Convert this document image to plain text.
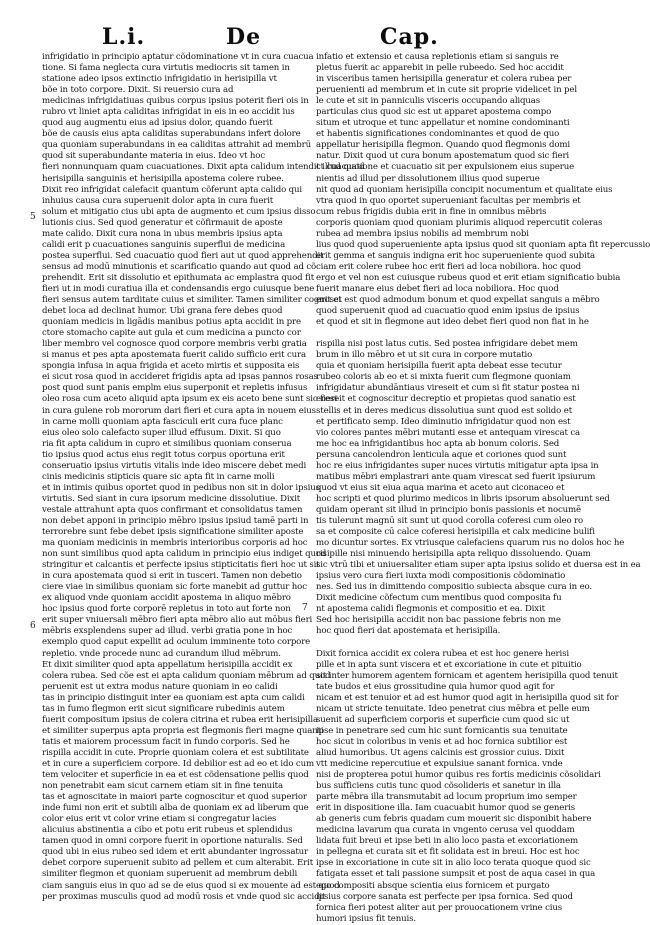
L.i.	De	Cap.
5
6
7
infrigidatio in principio aptatur cõdominatione vt in cura cuacua
tione. Si fama neglecta cura virtutis mediocris sit tamen in
statione adeo ipsos extinctio infrigidatio in herisipilla vt
bõe in toto corpore. Dixit. Si reuersio cura ad
medicinas infrigidatiuas quibus corpus ipsius poterit fieri ois in
rubro vt liniet apta caliditas infrigidat in eis in eo accidit ius
quod aug augmentu eius ad ipsius dolor, quando fuerit
bõe de causis eius apta caliditas superabundans infert dolore
qua quoniam superabundans in ea caliditas attrahit ad membrū
quod sit superabundante materia in eius. Ideo vt hoc
fieri nonnunquam quam cuacuationes. Dixit apta calidum intendit illud quod
herisipilla sanguinis et herisipilla apostema colere rubee.
Dixit reo infrigidat calefacit quantum cõferunt apta calido qui
inhuius causa cura superuenit dolor apta in cura fuerit
solum et mitigatio cius ubi apta de augmento et cum ipsius disso
lutionis cius. Sed quod generatur et cõfirmauit de aposte
mate calido. Dixit cura nona in ubus membris ipsius apta
calidi erit p cuacuationes sanguinis superflui de medicina
postea superflui. Sed cuacuatio quod fieri aut ut quod apprehendit
sensus ad modū minutionis et scarificatio quando aut quod ad cõ
prehendit. Erit sit dissolutio et epithumata ac emplastra quod fit
fieri ut in modi curatiua illa et condensandis ergo cuiusque bene
fieri sensus autem tarditate cuius et similiter. Tamen similiter cognosci
debet loca ad declinat humor. Ubi grana fere debes quod
quoniam medicis in ligādis manibus potius apta accidit in pre
ctore stomacho capite aut gula et cum medicina a puncto cor
liber membro vel cognosce quod corpore membris verbi gratia
si manus et pes apta apostemata fuerit calido sufficio erit cura
spongia infusa in aqua frigida et aceto mirtis et supposita eis
ei sicut rosa quod in accideret frigidis apta ad ipsas pannos rosas
post quod sunt panis emplm eius superponit et repletis infusus
oleo rosa cum aceto aliquid apta ipsum ex eis aceto bene sunt sic fieri
in cura gulene rob mororum dari fieri et cura apta in nouem eius
in carne molli quoniam apta fasciculi erit cura fuce planc
eius oleo solo calefacto super illud effusum. Dixit. Si quo
ria fit apta calidum in cupro et similibus quoniam conserua
tio ipsius quod actus eius regit totus corpus oportuna erit
conseruatio ipsius virtutis vitalis inde ideo miscere debet medi
cinis medicinis stipticis quare sic apta fit in carne molli
et in intimis quibus oportet quod in pedibus non sit in dolor ipsius
virtutis. Sed siant in cura ipsorum medicine dissolutiue. Dixit
vestale attrahunt apta quos confirmant et consolidatus tamen
non debet apponi in principio mēbro ipsius ipsiud tamē parti in
terrorebre sunt febe debet ipsis significatione similiter aposte
ma quoniam medicinis in membris interioribus corporis ad hoc
non sunt similibus quod apta calidum in principio eius indiget quod
stringitur et calcantis et perfecte ipsius stipticitatis fieri hoc ut sit
in cura apostemata quod si erit in tusceri. Tamen non debetio
ciere viae in similibus quoniam sic forte manebit ad guttur hoc
ex aliquod vnde quoniam accidit apostema in aliquo mēbro
hoc ipsius quod forte corporē repletus in toto aut forte non
erit super vniuersali mēbro fieri apta mēbro alio aut mōbus fieri
mēbris exsplendens super ad illud. verbi gratia pone in hoc
exemplo quod caput expellit ad oculum imminente toto corpore
repletio. vnde procede nunc ad curandum illud mēbrum.
Et dixit similiter quod apta appellatum herisipilla accidit ex
colera rubea. Sed cõe est ei apta calidum quoniam mēbrum ad quod
peruenit est ut extra modus nature quoniam in eo calidi
tas in principio distinguit inter ea quoniam est apta cum calidi
tas in fumo flegmon erit sicut significare rubedinis autem
fuerit compositum ipsius de colera citrina et rubea erit herisipilla
et similiter superpus apta propria est flegmonis fieri magne quanti
tatis et maiorem processum facit in fundo corporis. Sed he
rispilla accidit in cute. Proprie quoniam colera et est subtilitate
et in cure a superficiem corpore. Id debilior est ad eo et ido cum
tem velociter et superficie in ea et est cõdensatione pellis quod
non penetrabit eam sicut carnem etiam sit in fine tenuita
tas et agnoscitate in maiori parte cognoscitur et quod superior
inde fumi non erit et subtili alba de quoniam ex ad liberum que
color eius erit vt color vrine etiam si congregatur lacies
alicuius abstinentia a cibo et potu erit rubeus et splendidus
tamen quod in omni corpore fuerit in oportione naturalis. Sed
quod ubi in eius rubeo sed idem et erit abundanter ingrossatur
debet corpore superuenit subito ad pellem et cum alterabit. Erit
similiter flegmon et quoniam superuenit ad membrum debili
ciam sanguis eius in quo ad se de eius quod si ex mouente ad est quod
per proximas musculis quod ad modū rosis et vnde quod sic accidit
infatio et extensio et causa repletionis etiam si sanguis re
pletus fuerit ac apparebit in pelle rubeedo. Sed hoc accidit
in visceribus tamen herisipilla generatur et colera rubea per
peruenienti ad membrum et in cute sit proprie videlicet in pel
le cute et sit in panniculis visceris occupando aliquas
particulas cius quod sic est ut apparet apostema compo
situm et utroque et tunc appellatur et nomine condominanti
et habentis significationes condominantes et quod de quo
appellatur herisipilla flegmon. Quando quod flegmonis domi
natur. Dixit quod ut cura bonum apostematum quod sic fieri
ct cuacuatione et cuacuatio sit per expulsionem eius superue
nientis ad illud per dissolutionem illius quod superue
nit quod ad quoniam herisipilla concipit nocumentum et qualitate eius
vtra quod in quo oportet superueniant facultas per membris et
cum rebus frigidis dubia erit in fine in omnibus mēbris
corporis quoniam quod quoniam plurimis aliquod repercutit coleras
rubea ad membra ipsius nobilis ad membrum nobi
lius quod quod superueniente apta ipsius quod sit quoniam apta fit repercussio
erit gemma et sanguis indigna erit hoc superueniente quod subita
ciam erit colere rubee hoc erit fieri ad loca nobiliora. hoc quod
ergo et vel non est cuiusque rubeus quod et erit etiam significatio bubia
fuerit manare eius debet fieri ad loca nobiliora. Hoc quod
erit et est quod admodum bonum et quod expellat sanguis a mēbro
quod superuenit quod ad cuacuatio quod enim ipsius de ipsius
et quod et sit in flegmone aut ideo debet fieri quod non fiat in he
rispilla nisi post latus cutis. Sed postea infrigidare debet mem
brum in illo mēbro et ut sit cura in corpore mutatio
quia et quoniam herisipilla fuerit apta debeat esse tecutur
rubeo coloris ab eo et si mixta fuerit cum flegmone quoniam
infrigidatur abundāntiaus vireseit et cum si fit statur postea ni
ereseit et cognoscitur decreptio et propietas quod sanatio est
stellis et in deres medicus dissolutiua sunt quod est solido et
et pertificato semp. Ideo diminutio infrigidatur quod non est
vio colores pantes mēbri mutanti esse et antequam virescat ca
me hoc ea infrigidantibus hoc apta ab bonum coloris. Sed
persuna cancolendron lenticula aque et coriones quod sunt
hoc re eius infrigidantes super nuces virtutis mitigatur apta ipsa in
matibus mēbri emplastrari ante quam virescat sed fuerit ipsiurum
quod vt eius sit eiua aqua marina et aceto aut ciconaceo et
hoc scripti et quod plurimo medicos in libris ipsorum absoluerunt sed
quidam operant sit illud in principio bonis passionis et nocumē
tis tulerunt magnū sit sunt ut quod corolla coferesi cum oleo ro
sa et composite cū calce coferesi herisipilla et calx medicine bulifi
mo dicuntur sortes. Ex vtriusque calefaciens quarum rus no dolos hoc he
risipille nisi minuendo herisipilla apta reliquo dissoluendo. Quam
sic vtrū tibi et uniuersaliter etiam super apta ipsius solido et duersa est in ea
ipsius vero cura fieri iuxta modi compositionis cõdominatio
nes. Sed ius in dimittendo compositio subiecta absque cura in eo.
Dixit medicine cõfectum cum mentibus quod composita fu
nt apostema calidi flegmonis et compositio et ea. Dixit
Sed hoc herisipilla accidit non bac passione febris non me
hoc quod fieri dat apostemata et herisipilla.
Dixit fornica accidit ex colera rubea et est hoc genere herisi
pille et in apta sunt viscera et et excoriatione in cute et pituitio
sit inter humorem agentem fornicam et agentem herisipilla quod tenuit
tate budos et eius grossitudine quia humor quod agit for
nicam et est tenuior et ad est humor quod agit in herisipilla quod sit for
nicam ut stricte tenuitate. Ideo penetrat cius mēbra et pelle eum
suenit ad superficiem corporis et superficie cum quod sic ut
ipse in penetrare sed cum hic sunt fornicantis sua tenuitate
hoc sicut in coloribus in venis et ad hoc fornica subtilior est
aliud humoribus. Ut agens calcinis est grossior cuius. Dixit
vtt medicine repercutiue et expulsiue sanant fornica. vnde
nisi de propterea potui humor quibus res fortis medicinis cõsolidari
bus sufficiens cutis tunc quod cõsolideris et sanetur in illa
parte mēbra illa transmutabit ad locum proprium imo semper
erit in dispositione illa. Iam cuacuabit humor quod se generis
ab generis cum febris quadam cum mouerit sic disponibit habere
medicina lavarum qua curata in vngento cerusa vel quoddam
lidata fuit breui et ipse beti in alio loco pasta et excoriationem
in pellegna et curata sit et fit solidata est in breui. Hoc est hoc
ipse in excoriatione in cute sit in alio loco terata quoque quod sic
fatigata esset et tali passione sumpsit et post de aqua casei in qua
ego compositi absque scientia eius fornicem et purgato
ipsius corpore sanata est perfecte per ipsa fornica. Sed quod
fornica fieri potest aliter aut per prouocationem vrine cius
humori ipsius fit tenuis.
